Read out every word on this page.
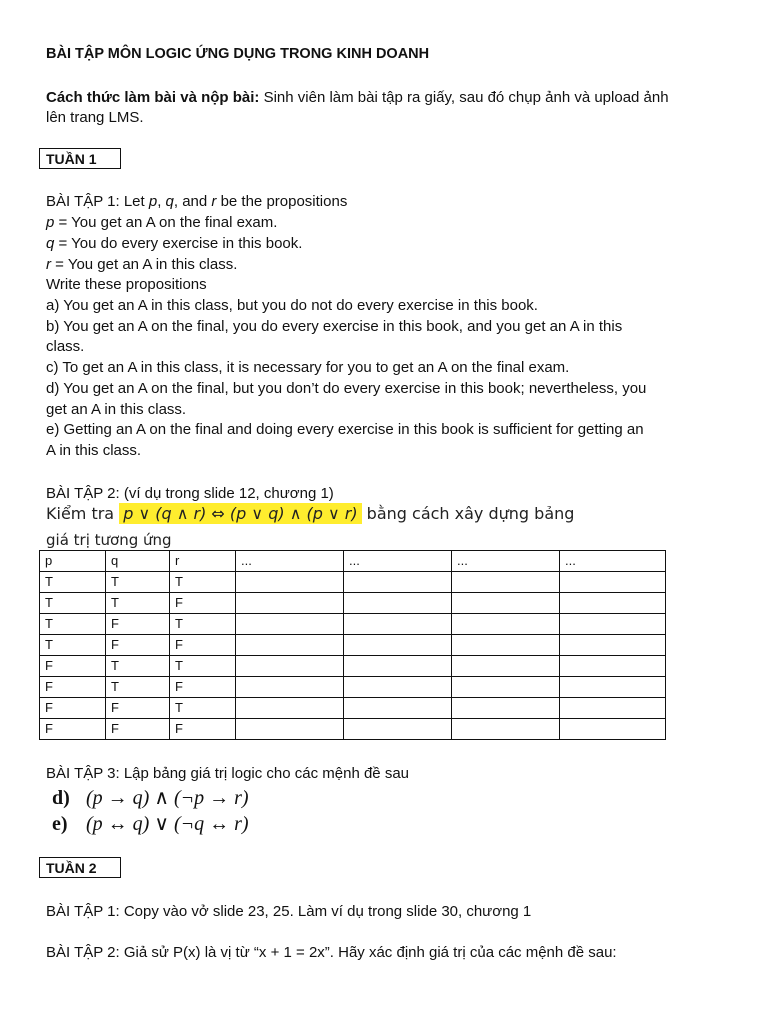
BÀI TẬP MÔN LOGIC ỨNG DỤNG TRONG KINH DOANH
Cách thức làm bài và nộp bài: Sinh viên làm bài tập ra giấy, sau đó chụp ảnh và upload ảnh
lên trang LMS.
TUẦN 1
BÀI TẬP 1: Let p, q, and r be the propositions
p = You get an A on the final exam.
q = You do every exercise in this book.
r = You get an A in this class.
Write these propositions
a) You get an A in this class, but you do not do every exercise in this book.
b) You get an A on the final, you do every exercise in this book, and you get an A in this
class.
c) To get an A in this class, it is necessary for you to get an A on the final exam.
d) You get an A on the final, but you don’t do every exercise in this book; nevertheless, you
get an A in this class.
e) Getting an A on the final and doing every exercise in this book is sufficient for getting an
A in this class.
BÀI TẬP 2: (ví dụ trong slide 12, chương 1)
Kiểm tra p ∨ (q ∧ r) ⇔ (p ∨ q) ∧ (p ∨ r) bằng cách xây dựng bảng
giá trị tương ứng
p	q	r	...	...	...	...
T	T	T				
T	T	F				
T	F	T				
T	F	F				
F	T	T				
F	T	F				
F	F	T				
F	F	F				
BÀI TẬP 3: Lập bảng giá trị logic cho các mệnh đề sau
d) (p → q) ∧ (¬p → r)
e) (p ↔ q) ∨ (¬q ↔ r)
TUẦN 2
BÀI TẬP 1: Copy vào vở slide 23, 25. Làm ví dụ trong slide 30, chương 1
BÀI TẬP 2: Giả sử P(x) là vị từ “x + 1 = 2x”. Hãy xác định giá trị của các mệnh đề sau:
